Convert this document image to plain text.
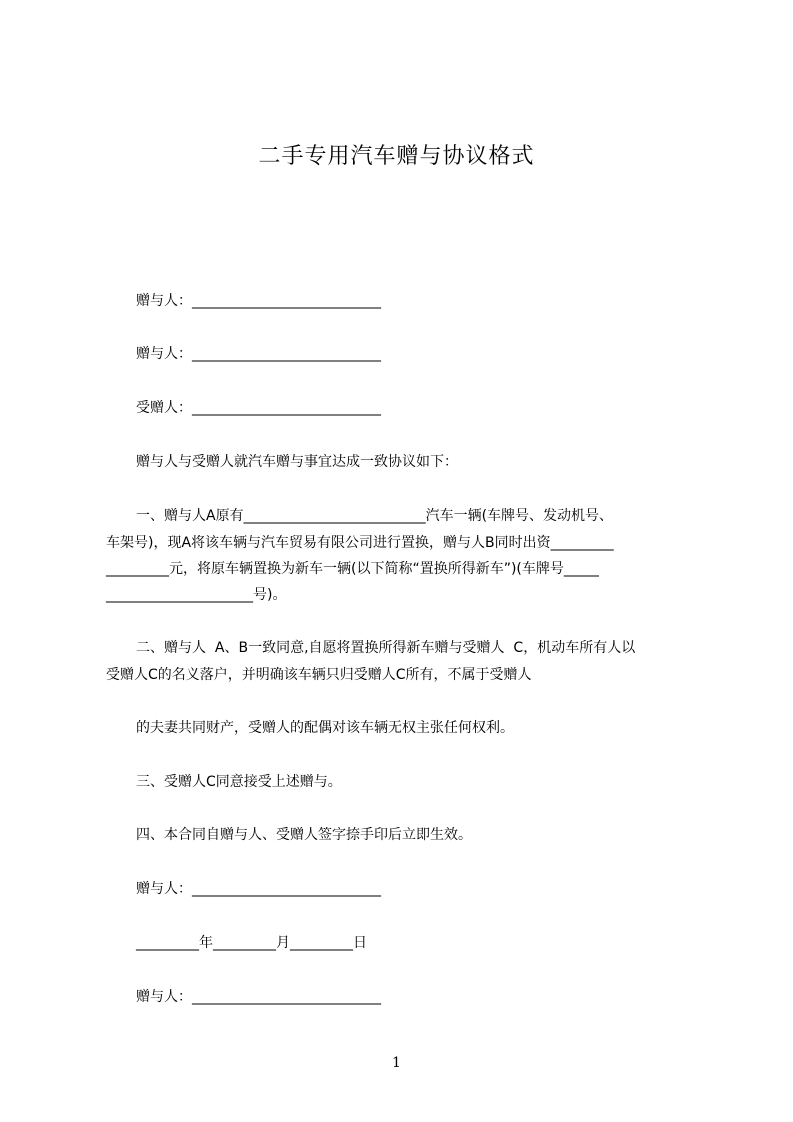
二手专用汽车赠与协议格式
赠与人：___________________________
赠与人：___________________________
受赠人：___________________________
赠与人与受赠人就汽车赠与事宜达成一致协议如下：
一、赠与人A原有__________________________汽车一辆(车牌号、发动机号、
车架号)，现A将该车辆与汽车贸易有限公司进行置换，赠与人B同时出资_________
_________元，将原车辆置换为新车一辆(以下简称“置换所得新车”)(车牌号_____
_____________________号)。
二、赠与人  A、B一致同意,自愿将置换所得新车赠与受赠人  C，机动车所有人以
受赠人C的名义落户，并明确该车辆只归受赠人C所有，不属于受赠人
的夫妻共同财产，受赠人的配偶对该车辆无权主张任何权利。
三、受赠人C同意接受上述赠与。
四、本合同自赠与人、受赠人签字捺手印后立即生效。
赠与人：___________________________
_________年_________月_________日
赠与人：___________________________
1
